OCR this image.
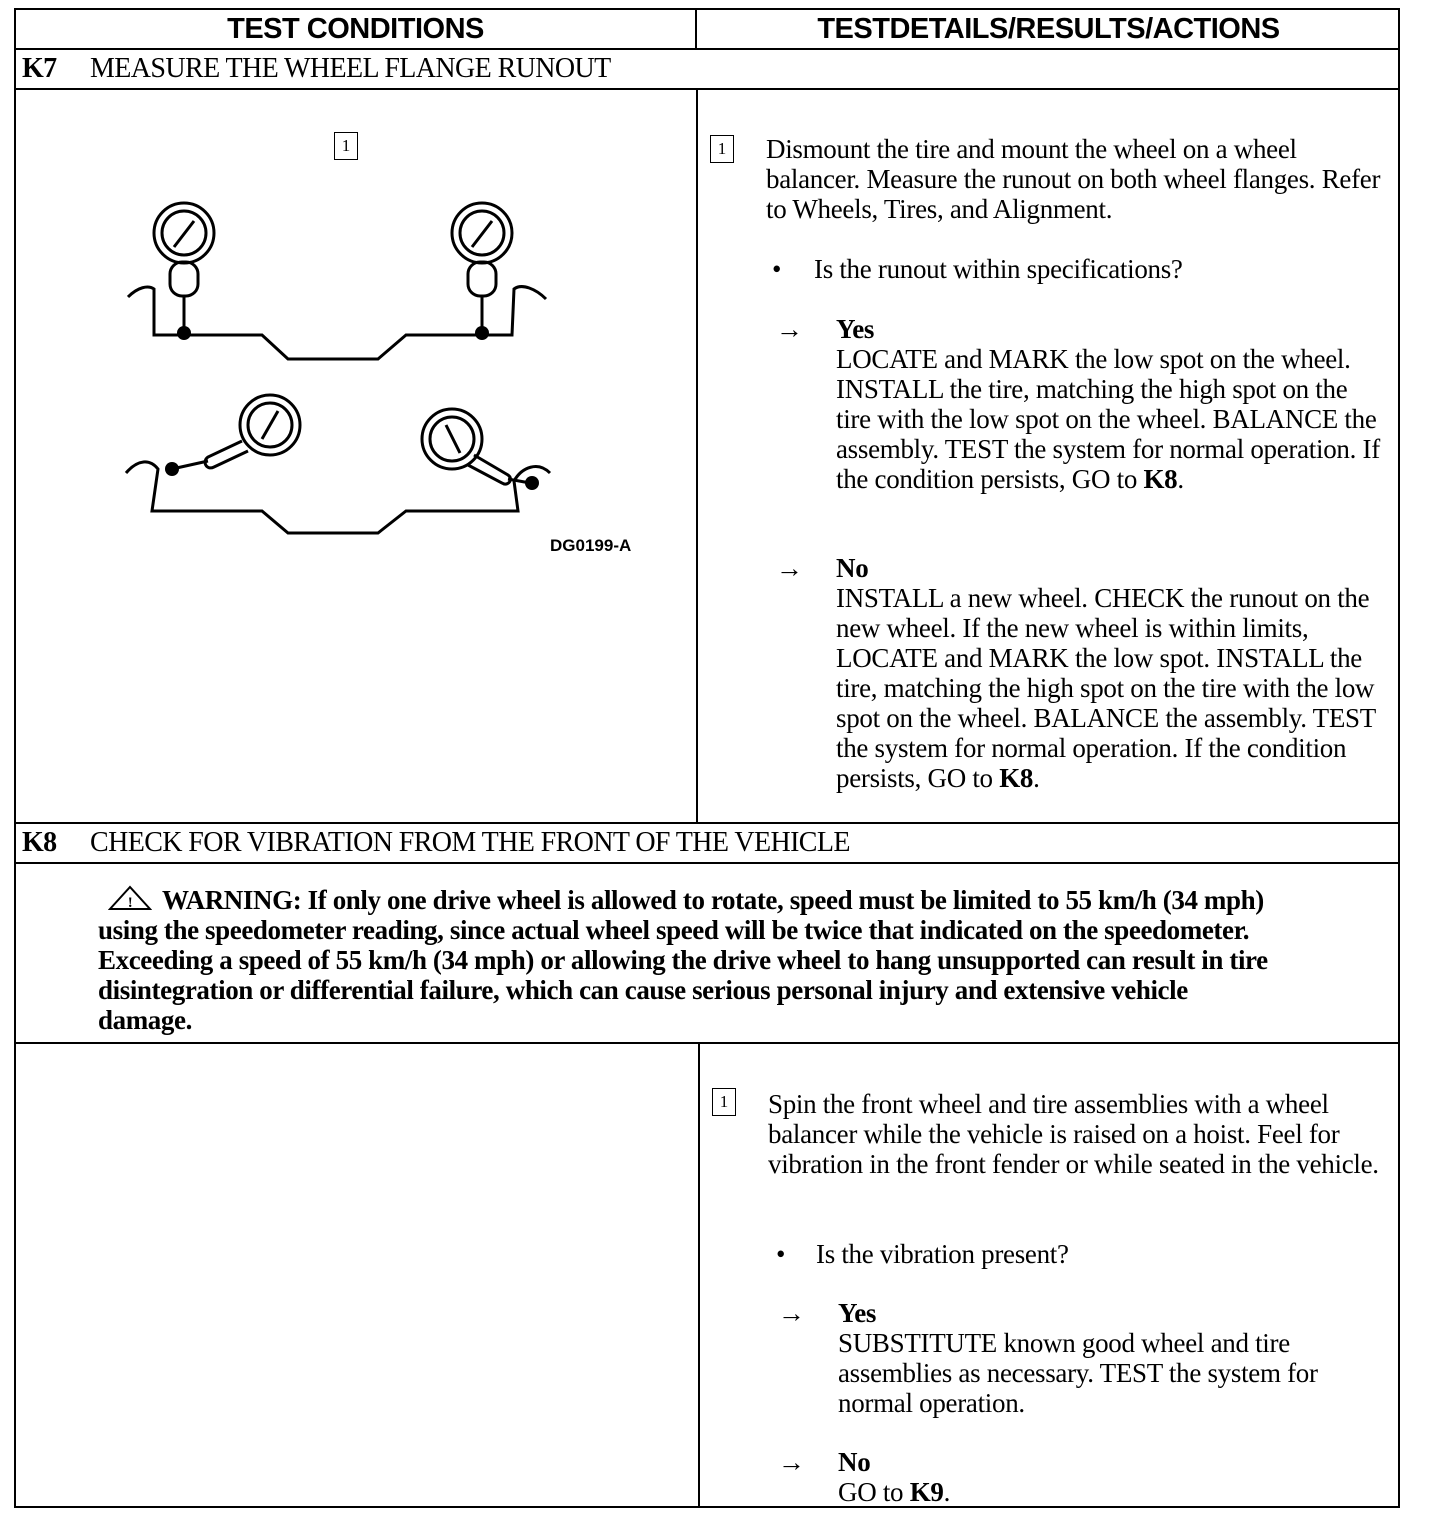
TEST CONDITIONS	TESTDETAILS/RESULTS/ACTIONS
K7 MEASURE THE WHEEL FLANGE RUNOUT
1
DG0199-A
1 Dismount the tire and mount the wheel on a wheel balancer. Measure the runout on both wheel flanges. Refer to Wheels, Tires, and Alignment.
• Is the runout within specifications?
→ Yes
LOCATE and MARK the low spot on the wheel. INSTALL the tire, matching the high spot on the tire with the low spot on the wheel. BALANCE the assembly. TEST the system for normal operation. If the condition persists, GO to K8.
→ No
INSTALL a new wheel. CHECK the runout on the new wheel. If the new wheel is within limits, LOCATE and MARK the low spot. INSTALL the tire, matching the high spot on the tire with the low spot on the wheel. BALANCE the assembly. TEST the system for normal operation. If the condition persists, GO to K8.
K8 CHECK FOR VIBRATION FROM THE FRONT OF THE VEHICLE
! WARNING: If only one drive wheel is allowed to rotate, speed must be limited to 55 km/h (34 mph) using the speedometer reading, since actual wheel speed will be twice that indicated on the speedometer. Exceeding a speed of 55 km/h (34 mph) or allowing the drive wheel to hang unsupported can result in tire disintegration or differential failure, which can cause serious personal injury and extensive vehicle damage.
1 Spin the front wheel and tire assemblies with a wheel balancer while the vehicle is raised on a hoist. Feel for vibration in the front fender or while seated in the vehicle.
• Is the vibration present?
→ Yes
SUBSTITUTE known good wheel and tire assemblies as necessary. TEST the system for normal operation.
→ No
GO to K9.
